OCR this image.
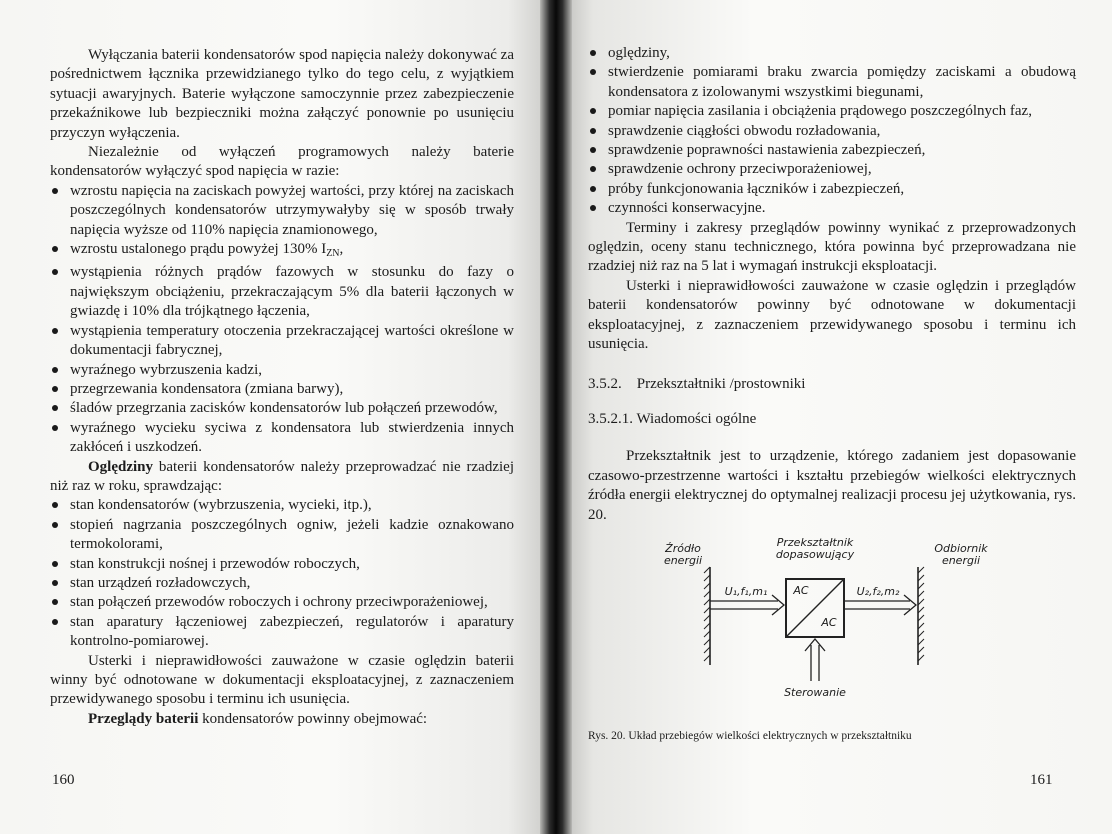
Wyłączania baterii kondensatorów spod napięcia należy dokonywać za pośrednictwem łącznika przewidzianego tylko do tego celu, z wyjątkiem sytuacji awaryjnych. Baterie wyłączone samoczynnie przez zabezpieczenie przekaźnikowe lub bezpieczniki można załączyć ponownie po usunięciu przyczyn wyłączenia.

Niezależnie od wyłączeń programowych należy baterie kondensatorów wyłączyć spod napięcia w razie:

wzrostu napięcia na zaciskach powyżej wartości, przy której na zaciskach poszczególnych kondensatorów utrzymywałyby się w sposób trwały napięcia wyższe od 110% napięcia znamionowego,
wzrostu ustalonego prądu powyżej 130% $I_{ZN}$,
wystąpienia różnych prądów fazowych w stosunku do fazy o największym obciążeniu, przekraczającym 5% dla baterii łączonych w gwiazdę i 10% dla trójkątnego łączenia,
wystąpienia temperatury otoczenia przekraczającej wartości określone w dokumentacji fabrycznej,
wyraźnego wybrzuszenia kadzi,
przegrzewania kondensatora (zmiana barwy),
śladów przegrzania zacisków kondensatorów lub połączeń przewodów,
wyraźnego wycieku syciwa z kondensatora lub stwierdzenia innych zakłóceń i uszkodzeń.

Oględziny baterii kondensatorów należy przeprowadzać nie rzadziej niż raz w roku, sprawdzając:

stan kondensatorów (wybrzuszenia, wycieki, itp.),
stopień nagrzania poszczególnych ogniw, jeżeli kadzie oznakowano termokolorami,
stan konstrukcji nośnej i przewodów roboczych,
stan urządzeń rozładowczych,
stan połączeń przewodów roboczych i ochrony przeciwporażeniowej,
stan aparatury łączeniowej zabezpieczeń, regulatorów i aparatury kontrolno-pomiarowej.

Usterki i nieprawidłowości zauważone w czasie oględzin baterii winny być odnotowane w dokumentacji eksploatacyjnej, z zaznaczeniem przewidywanego sposobu i terminu ich usunięcia.

Przeglądy baterii kondensatorów powinny obejmować:

160
oględziny,
stwierdzenie pomiarami braku zwarcia pomiędzy zaciskami a obudową kondensatora z izolowanymi wszystkimi biegunami,
pomiar napięcia zasilania i obciążenia prądowego poszczególnych faz,
sprawdzenie ciągłości obwodu rozładowania,
sprawdzenie poprawności nastawienia zabezpieczeń,
sprawdzenie ochrony przeciwporażeniowej,
próby funkcjonowania łączników i zabezpieczeń,
czynności konserwacyjne.

Terminy i zakresy przeglądów powinny wynikać z przeprowadzonych oględzin, oceny stanu technicznego, która powinna być przeprowadzana nie rzadziej niż raz na 5 lat i wymagań instrukcji eksploatacji.

Usterki i nieprawidłowości zauważone w czasie oględzin i przeglądów baterii kondensatorów powinny być odnotowane w dokumentacji eksploatacyjnej, z zaznaczeniem przewidywanego sposobu i terminu ich usunięcia.

3.5.2. Przekształtniki /prostowniki

3.5.2.1. Wiadomości ogólne

Przekształtnik jest to urządzenie, którego zadaniem jest dopasowanie czasowo-przestrzenne wartości i kształtu przebiegów wielkości elektrycznych źródła energii elektrycznej do optymalnej realizacji procesu jej użytkowania, rys. 20.

Źródło energii
Przekształtnik dopasowujący	Odbiornik energii
U₁,f₁,m₁	U₂,f₂,m₂
AC
AC
Sterowanie

Rys. 20. Układ przebiegów wielkości elektrycznych w przekształtniku

161
